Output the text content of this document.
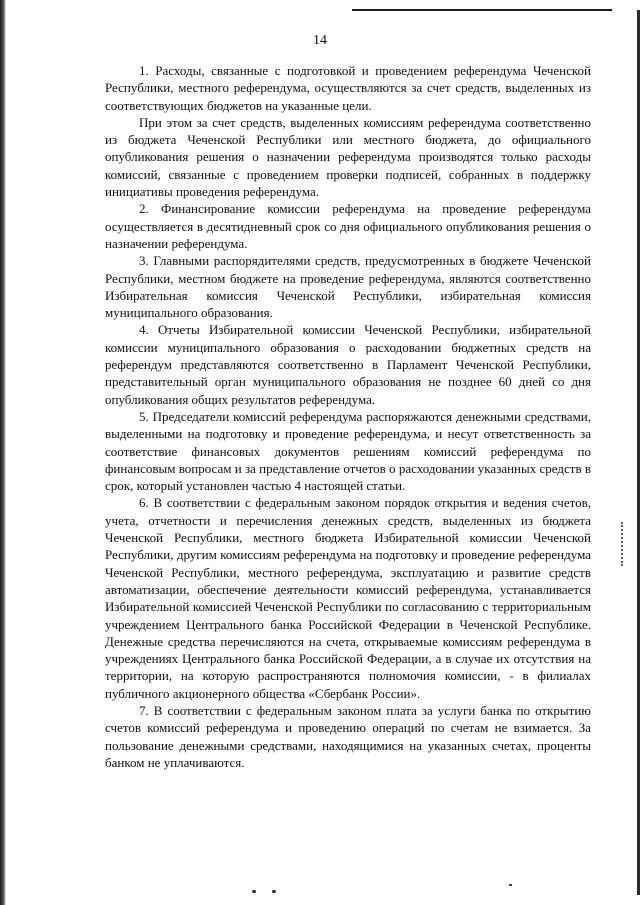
14

1. Расходы, связанные с подготовкой и проведением референдума Чеченской Республики, местного референдума, осуществляются за счет средств, выделенных из соответствующих бюджетов на указанные цели.

При этом за счет средств, выделенных комиссиям референдума соответственно из бюджета Чеченской Республики или местного бюджета, до официального опубликования решения о назначении референдума производятся только расходы комиссий, связанные с проведением проверки подписей, собранных в поддержку инициативы проведения референдума.

2. Финансирование комиссии референдума на проведение референдума осуществляется в десятидневный срок со дня официального опубликования решения о назначении референдума.

3. Главными распорядителями средств, предусмотренных в бюджете Чеченской Республики, местном бюджете на проведение референдума, являются соответственно Избирательная комиссия Чеченской Республики, избирательная комиссия муниципального образования.

4. Отчеты Избирательной комиссии Чеченской Республики, избирательной комиссии муниципального образования о расходовании бюджетных средств на референдум представляются соответственно в Парламент Чеченской Республики, представительный орган муниципального образования не позднее 60 дней со дня опубликования общих результатов референдума.

5. Председатели комиссий референдума распоряжаются денежными средствами, выделенными на подготовку и проведение референдума, и несут ответственность за соответствие финансовых документов решениям комиссий референдума по финансовым вопросам и за представление отчетов о расходовании указанных средств в срок, который установлен частью 4 настоящей статьи.

6. В соответствии с федеральным законом порядок открытия и ведения счетов, учета, отчетности и перечисления денежных средств, выделенных из бюджета Чеченской Республики, местного бюджета Избирательной комиссии Чеченской Республики, другим комиссиям референдума на подготовку и проведение референдума Чеченской Республики, местного референдума, эксплуатацию и развитие средств автоматизации, обеспечение деятельности комиссий референдума, устанавливается Избирательной комиссией Чеченской Республики по согласованию с территориальным учреждением Центрального банка Российской Федерации в Чеченской Республике. Денежные средства перечисляются на счета, открываемые комиссиям референдума в учреждениях Центрального банка Российской Федерации, а в случае их отсутствия на территории, на которую распространяются полномочия комиссии, - в филиалах публичного акционерного общества «Сбербанк России».

7. В соответствии с федеральным законом плата за услуги банка по открытию счетов комиссий референдума и проведению операций по счетам не взимается. За пользование денежными средствами, находящимися на указанных счетах, проценты банком не уплачиваются.
